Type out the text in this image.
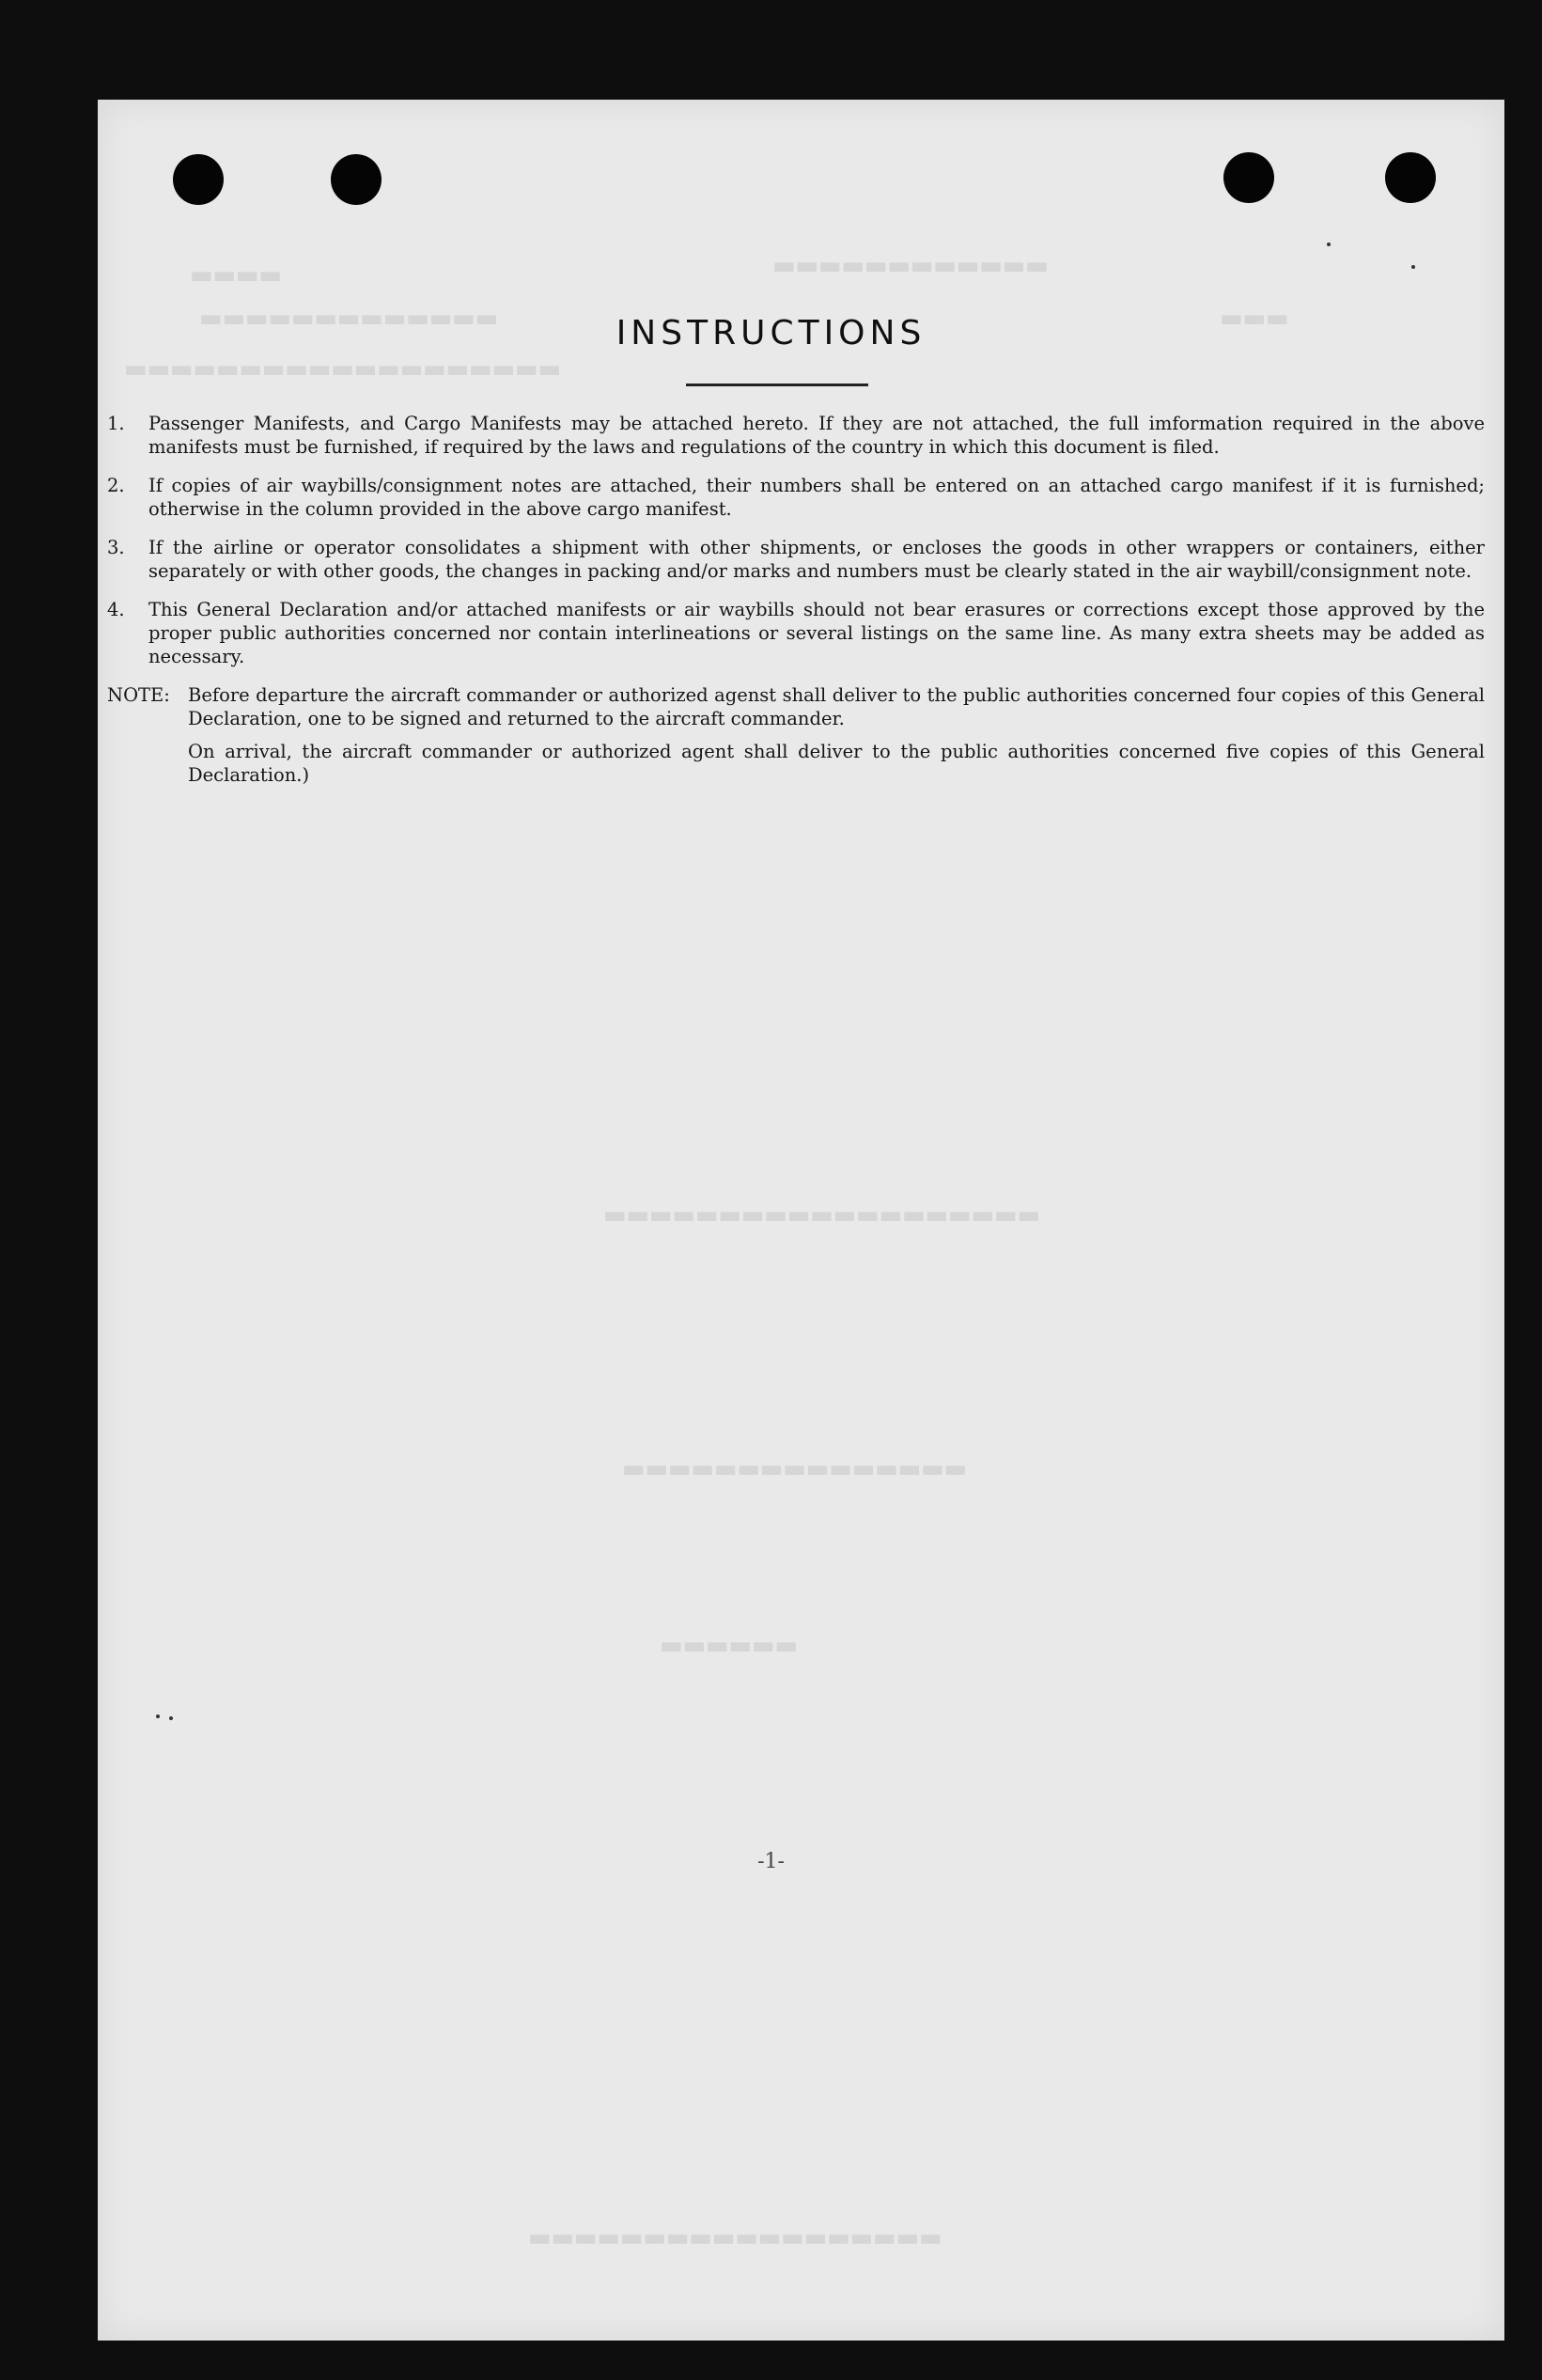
▬▬▬▬▬▬▬▬▬▬▬▬
▬▬▬▬
▬▬▬▬▬▬▬▬▬▬▬▬▬	▬▬▬
▬▬▬▬▬▬▬▬▬▬▬▬▬▬▬▬▬▬▬
▬▬▬▬▬▬▬▬▬▬▬▬▬▬▬▬▬▬▬
▬▬▬▬▬▬▬▬▬▬▬▬▬▬▬
▬▬▬▬▬▬
▬▬▬▬▬▬▬▬▬▬▬▬▬▬▬▬▬▬
INSTRUCTIONS
1.	Passenger Manifests, and Cargo Manifests may be attached hereto. If they are not attached, the full imformation required in the above manifests must be furnished, if required by the laws and regulations of the country in which this document is filed.
2.	If copies of air waybills/consignment notes are attached, their numbers shall be entered on an attached cargo manifest if it is furnished; otherwise in the column provided in the above cargo manifest.
3.	If the airline or operator consolidates a shipment with other shipments, or encloses the goods in other wrappers or containers, either separately or with other goods, the changes in packing and/or marks and numbers must be clearly stated in the air waybill/consignment note.
4.	This General Declaration and/or attached manifests or air waybills should not bear erasures or corrections except those approved by the proper public authorities concerned nor contain interlineations or several listings on the same line. As many extra sheets may be added as necessary.
NOTE: Before departure the aircraft commander or authorized agenst shall deliver to the public authorities concerned four copies of this General Declaration, one to be signed and returned to the aircraft commander.

On arrival, the aircraft commander or authorized agent shall deliver to the public authorities concerned five copies of this General Declaration.)

-1-
